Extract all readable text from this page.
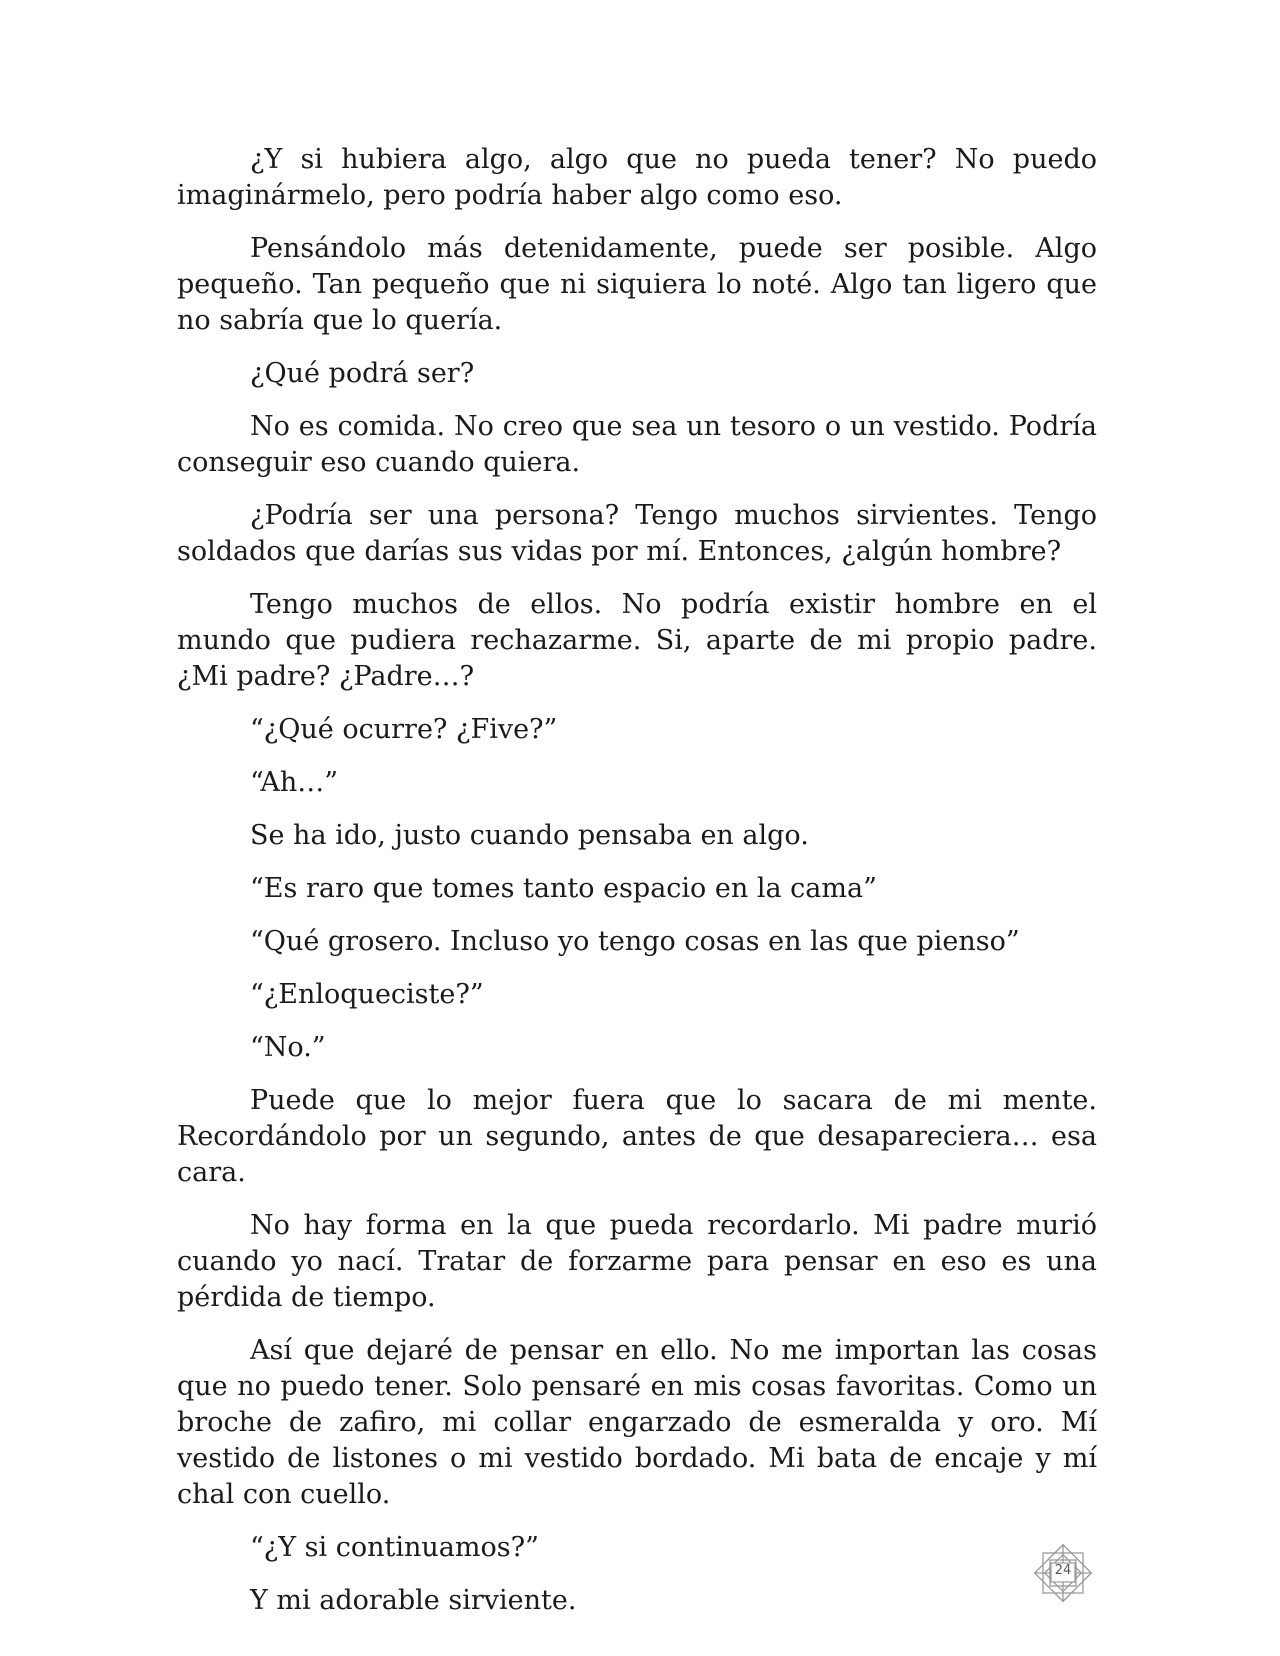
¿Y si hubiera algo, algo que no pueda tener? No puedo imaginármelo, pero podría haber algo como eso.

Pensándolo más detenidamente, puede ser posible. Algo pequeño. Tan pequeño que ni siquiera lo noté. Algo tan ligero que no sabría que lo quería.

¿Qué podrá ser?

No es comida. No creo que sea un tesoro o un vestido. Podría conseguir eso cuando quiera.

¿Podría ser una persona? Tengo muchos sirvientes. Tengo soldados que darías sus vidas por mí. Entonces, ¿algún hombre?

Tengo muchos de ellos. No podría existir hombre en el mundo que pudiera rechazarme. Si, aparte de mi propio padre. ¿Mi padre? ¿Padre…?

“¿Qué ocurre? ¿Five?”

“Ah…”

Se ha ido, justo cuando pensaba en algo.

“Es raro que tomes tanto espacio en la cama”

“Qué grosero. Incluso yo tengo cosas en las que pienso”

“¿Enloqueciste?”

“No.”

Puede que lo mejor fuera que lo sacara de mi mente. Recordándolo por un segundo, antes de que desapareciera… esa cara.

No hay forma en la que pueda recordarlo. Mi padre murió cuando yo nací. Tratar de forzarme para pensar en eso es una pérdida de tiempo.

Así que dejaré de pensar en ello. No me importan las cosas que no puedo tener. Solo pensaré en mis cosas favoritas. Como un broche de zafiro, mi collar engarzado de esmeralda y oro. Mí vestido de listones o mi vestido bordado. Mi bata de encaje y mí chal con cuello.

“¿Y si continuamos?”

Y mi adorable sirviente.

24
